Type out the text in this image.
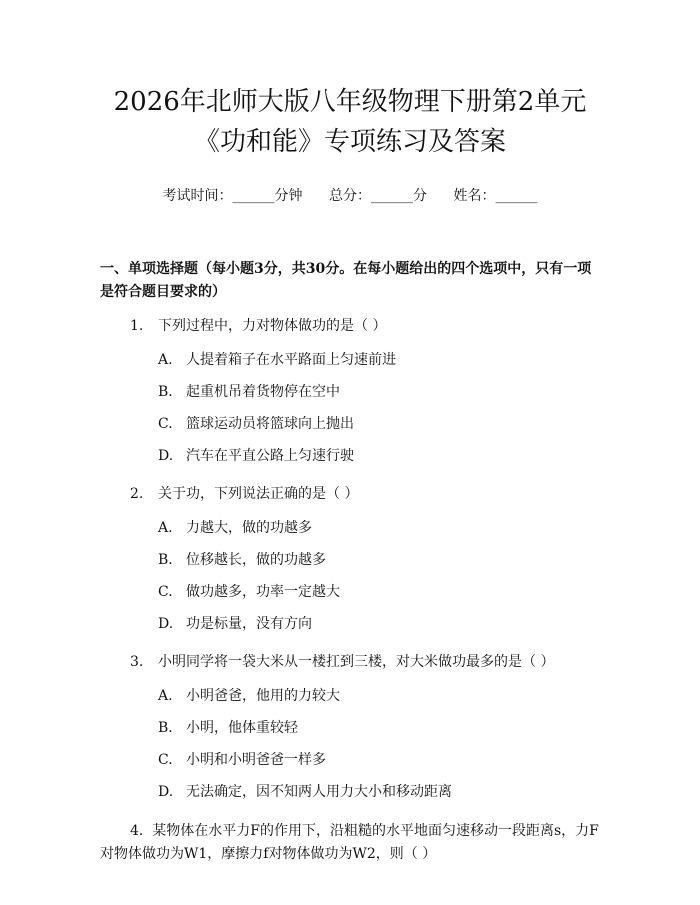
2026年北师大版八年级物理下册第2单元
《功和能》专项练习及答案
考试时间：______分钟 总分：______分 姓名：______
一、单项选择题（每小题3分，共30分。在每小题给出的四个选项中，只有一项是符合题目要求的）
1. 下列过程中，力对物体做功的是（ ）
A. 人提着箱子在水平路面上匀速前进
B. 起重机吊着货物停在空中
C. 篮球运动员将篮球向上抛出
D. 汽车在平直公路上匀速行驶
2. 关于功，下列说法正确的是（ ）
A. 力越大，做的功越多
B. 位移越长，做的功越多
C. 做功越多，功率一定越大
D. 功是标量，没有方向
3. 小明同学将一袋大米从一楼扛到三楼，对大米做功最多的是（ ）
A. 小明爸爸，他用的力较大
B. 小明，他体重较轻
C. 小明和小明爸爸一样多
D. 无法确定，因不知两人用力大小和移动距离
4. 某物体在水平力F的作用下，沿粗糙的水平地面匀速移动一段距离s，力F对物体做功为W1，摩擦力f对物体做功为W2，则（ ）
